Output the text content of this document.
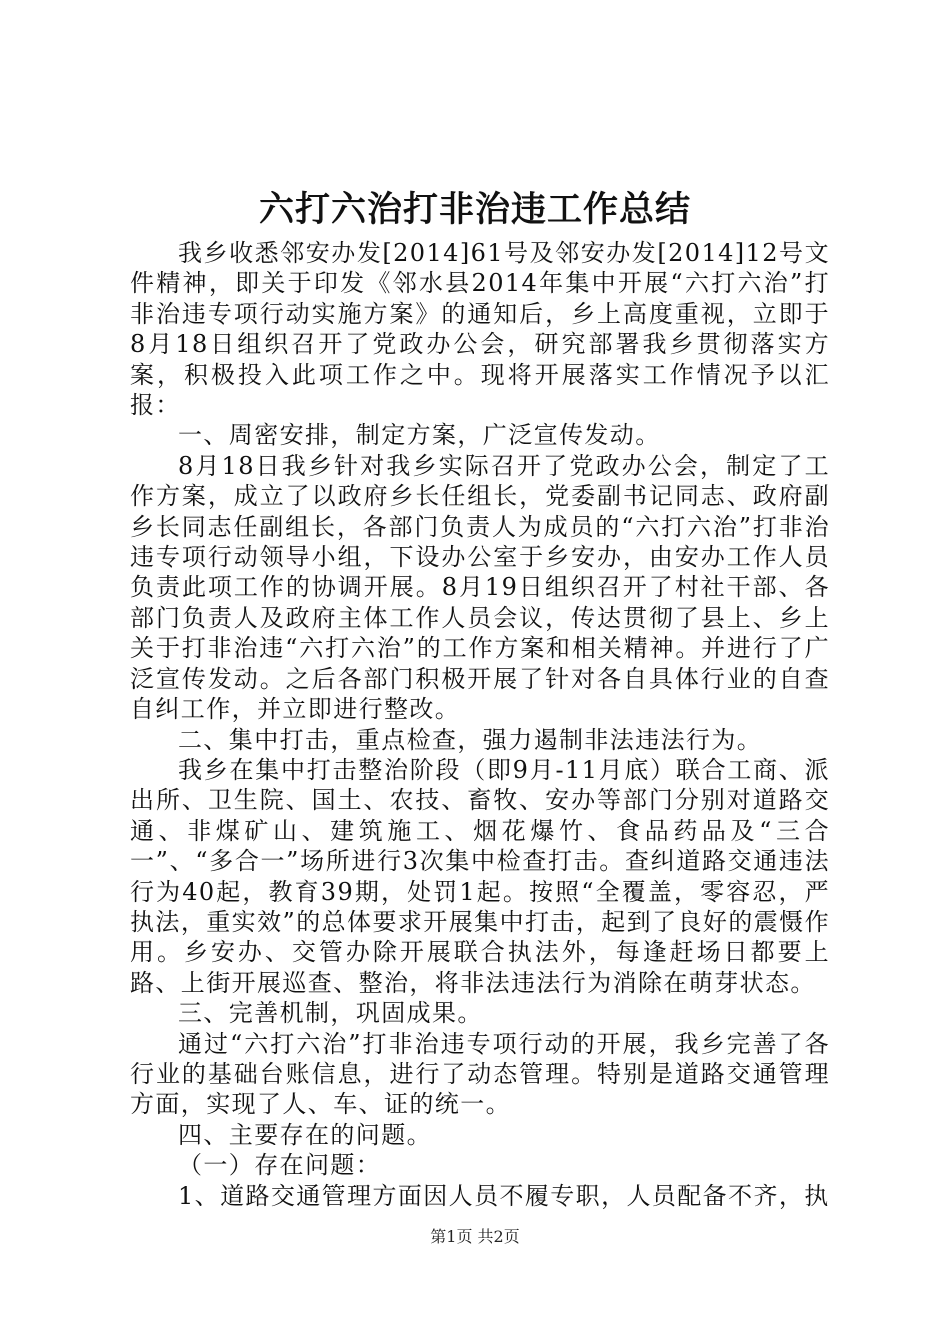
六打六治打非治违工作总结

我乡收悉邻安办发[2014]61号及邻安办发[2014]12号文件精神，即关于印发《邻水县2014年集中开展“六打六治”打非治违专项行动实施方案》的通知后，乡上高度重视，立即于8月18日组织召开了党政办公会，研究部署我乡贯彻落实方案，积极投入此项工作之中。现将开展落实工作情况予以汇报：

一、周密安排，制定方案，广泛宣传发动。

8月18日我乡针对我乡实际召开了党政办公会，制定了工作方案，成立了以政府乡长任组长，党委副书记同志、政府副乡长同志任副组长，各部门负责人为成员的“六打六治”打非治违专项行动领导小组，下设办公室于乡安办，由安办工作人员负责此项工作的协调开展。8月19日组织召开了村社干部、各部门负责人及政府主体工作人员会议，传达贯彻了县上、乡上关于打非治违“六打六治”的工作方案和相关精神。并进行了广泛宣传发动。之后各部门积极开展了针对各自具体行业的自查自纠工作，并立即进行整改。

二、集中打击，重点检查，强力遏制非法违法行为。

我乡在集中打击整治阶段（即9月-11月底）联合工商、派出所、卫生院、国土、农技、畜牧、安办等部门分别对道路交通、非煤矿山、建筑施工、烟花爆竹、食品药品及“三合一”、“多合一”场所进行3次集中检查打击。查纠道路交通违法行为40起，教育39期，处罚1起。按照“全覆盖，零容忍，严执法，重实效”的总体要求开展集中打击，起到了良好的震慑作用。乡安办、交管办除开展联合执法外，每逢赶场日都要上路、上街开展巡查、整治，将非法违法行为消除在萌芽状态。

三、完善机制，巩固成果。

通过“六打六治”打非治违专项行动的开展，我乡完善了各行业的基础台账信息，进行了动态管理。特别是道路交通管理方面，实现了人、车、证的统一。

四、主要存在的问题。

（一）存在问题：

1、道路交通管理方面因人员不履专职，人员配备不齐，执

第1页 共2页
